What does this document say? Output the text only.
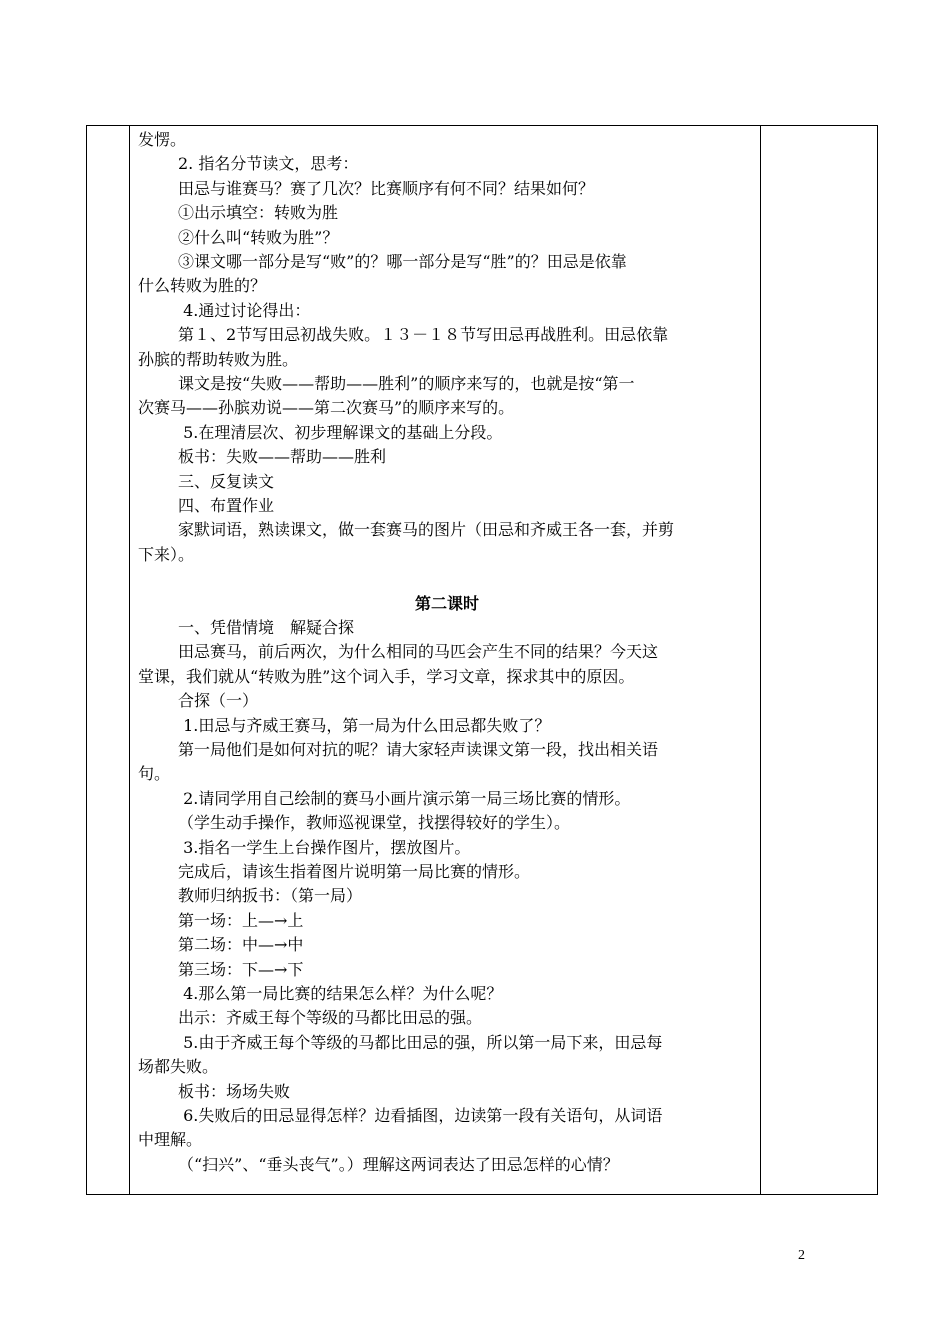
发愣。
2. 指名分节读文，思考：
田忌与谁赛马？赛了几次？比赛顺序有何不同？结果如何？
①出示填空：转败为胜
②什么叫“转败为胜”？
③课文哪一部分是写“败”的？哪一部分是写“胜”的？田忌是依靠
什么转败为胜的？
4.通过讨论得出：
第１、2节写田忌初战失败。１３－１８节写田忌再战胜利。田忌依靠
孙膑的帮助转败为胜。
课文是按“失败——帮助——胜利”的顺序来写的，也就是按“第一
次赛马——孙膑劝说——第二次赛马”的顺序来写的。
5.在理清层次、初步理解课文的基础上分段。
板书：失败——帮助——胜利
三、反复读文
四、布置作业
家默词语，熟读课文，做一套赛马的图片（田忌和齐威王各一套，并剪
下来）。
第二课时
一、凭借情境　解疑合探
田忌赛马，前后两次，为什么相同的马匹会产生不同的结果？今天这
堂课，我们就从“转败为胜”这个词入手，学习文章，探求其中的原因。
合探（一）
1.田忌与齐威王赛马，第一局为什么田忌都失败了？
第一局他们是如何对抗的呢？请大家轻声读课文第一段，找出相关语
句。
2.请同学用自己绘制的赛马小画片演示第一局三场比赛的情形。
（学生动手操作，教师巡视课堂，找摆得较好的学生）。
3.指名一学生上台操作图片，摆放图片。
完成后，请该生指着图片说明第一局比赛的情形。
教师归纳扳书：（第一局）
第一场：上—→上
第二场：中—→中
第三场：下—→下
4.那么第一局比赛的结果怎么样？为什么呢？
出示：齐威王每个等级的马都比田忌的强。
5.由于齐威王每个等级的马都比田忌的强，所以第一局下来，田忌每
场都失败。
板书：场场失败
6.失败后的田忌显得怎样？边看插图，边读第一段有关语句，从词语
中理解。
（“扫兴”、“垂头丧气”。）理解这两词表达了田忌怎样的心情？
2
